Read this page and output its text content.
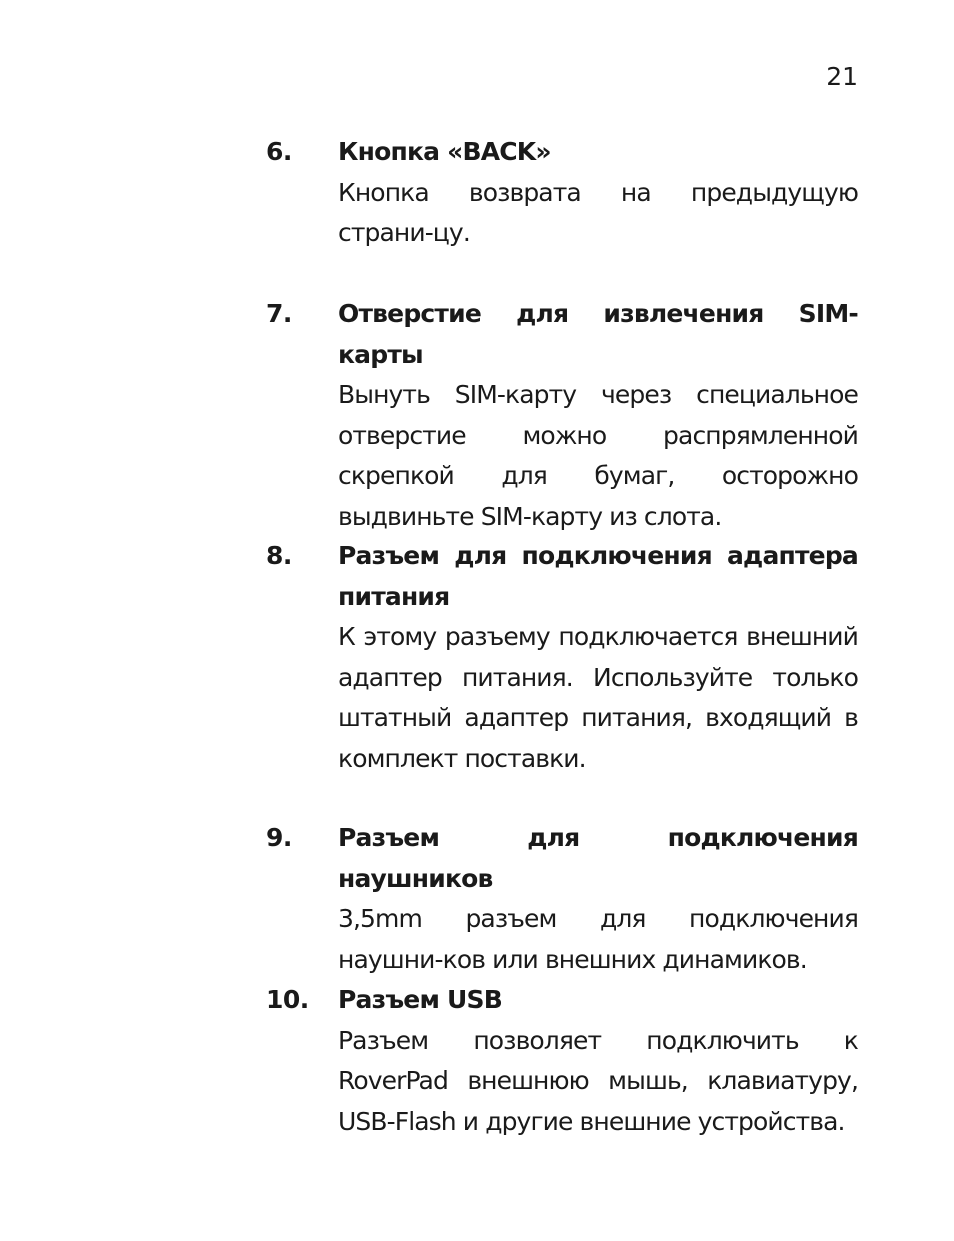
21
6. Кнопка «BACK»

Кнопка возврата на предыдущую страни-цу.

7. Отверстие для извлечения SIM-карты

Вынуть SIM-карту через специальное отверстие можно распрямленной скрепкой для бумаг, осторожно выдвиньте SIM-карту из слота.

8. Разъем для подключения адаптера питания

К этому разъему подключается внешний адаптер питания. Используйте только штатный адаптер питания, входящий в комплект поставки.

9. Разъем для подключения наушников

3,5mm разъем для подключения наушни-ков или внешних динамиков.

10. Разъем USB

Разъем позволяет подключить к RoverPad внешнюю мышь, клавиатуру, USB-Flash и другие внешние устройства.
